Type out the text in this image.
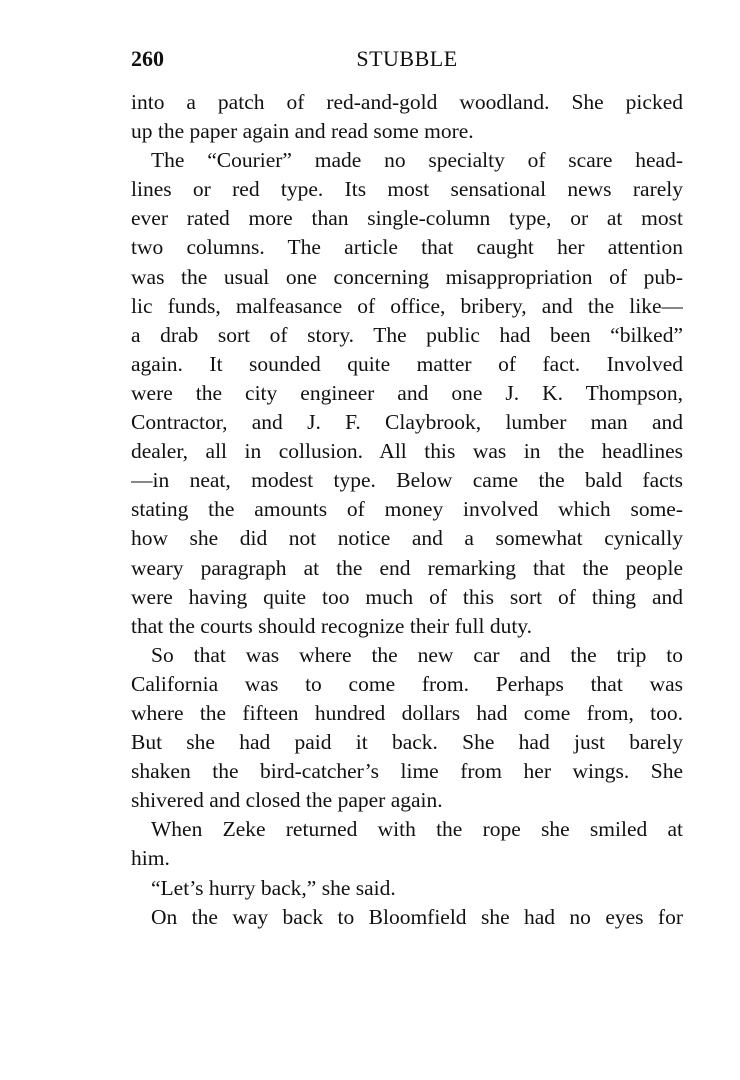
260	STUBBLE
into a patch of red-and-gold woodland. She picked
up the paper again and read some more.
The “Courier” made no specialty of scare head-
lines or red type. Its most sensational news rarely
ever rated more than single-column type, or at most
two columns. The article that caught her attention
was the usual one concerning misappropriation of pub-
lic funds, malfeasance of office, bribery, and the like—
a drab sort of story. The public had been “bilked”
again. It sounded quite matter of fact. Involved
were the city engineer and one J. K. Thompson,
Contractor, and J. F. Claybrook, lumber man and
dealer, all in collusion. All this was in the headlines
—in neat, modest type. Below came the bald facts
stating the amounts of money involved which some-
how she did not notice and a somewhat cynically
weary paragraph at the end remarking that the people
were having quite too much of this sort of thing and
that the courts should recognize their full duty.
So that was where the new car and the trip to
California was to come from. Perhaps that was
where the fifteen hundred dollars had come from, too.
But she had paid it back. She had just barely
shaken the bird-catcher’s lime from her wings. She
shivered and closed the paper again.
When Zeke returned with the rope she smiled at
him.
“Let’s hurry back,” she said.
On the way back to Bloomfield she had no eyes for
